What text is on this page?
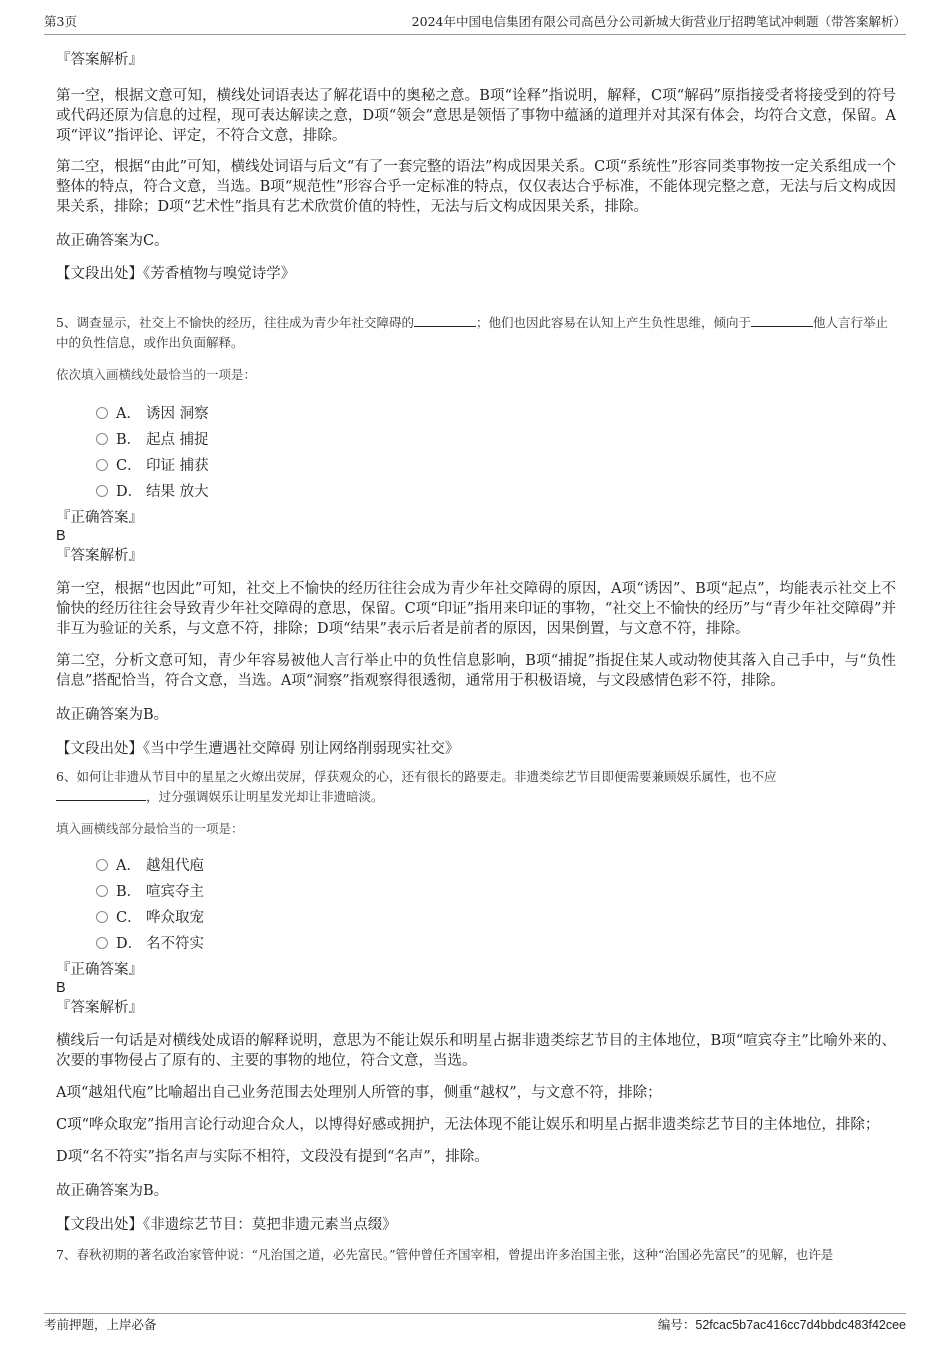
第3页	2024年中国电信集团有限公司高邑分公司新城大街营业厅招聘笔试冲刺题（带答案解析）
『答案解析』
第一空，根据文意可知，横线处词语表达了解花语中的奥秘之意。B项“诠释”指说明，解释，C项“解码”原指接受者将接受到的符号或代码还原为信息的过程，现可表达解读之意，D项“领会”意思是领悟了事物中蕴涵的道理并对其深有体会，均符合文意，保留。A项“评议”指评论、评定，不符合文意，排除。
第二空，根据“由此”可知，横线处词语与后文“有了一套完整的语法”构成因果关系。C项“系统性”形容同类事物按一定关系组成一个整体的特点，符合文意，当选。B项“规范性”形容合乎一定标准的特点，仅仅表达合乎标准，不能体现完整之意，无法与后文构成因果关系，排除；D项“艺术性”指具有艺术欣赏价值的特性，无法与后文构成因果关系，排除。
故正确答案为C。
【文段出处】《芳香植物与嗅觉诗学》
5、调查显示，社交上不愉快的经历，往往成为青少年社交障碍的	；他们也因此容易在认知上产生负性思维，倾向于	他人言行举止中的负性信息，或作出负面解释。
依次填入画横线处最恰当的一项是：
A． 诱因 洞察
B． 起点 捕捉
C． 印证 捕获
D． 结果 放大
『正确答案』
B
『答案解析』
第一空，根据“也因此”可知，社交上不愉快的经历往往会成为青少年社交障碍的原因，A项“诱因”、B项“起点”，均能表示社交上不愉快的经历往往会导致青少年社交障碍的意思，保留。C项“印证”指用来印证的事物，“社交上不愉快的经历”与“青少年社交障碍”并非互为验证的关系，与文意不符，排除；D项“结果”表示后者是前者的原因，因果倒置，与文意不符，排除。
第二空，分析文意可知，青少年容易被他人言行举止中的负性信息影响，B项“捕捉”指捉住某人或动物使其落入自己手中，与“负性信息”搭配恰当，符合文意，当选。A项“洞察”指观察得很透彻，通常用于积极语境，与文段感情色彩不符，排除。
故正确答案为B。
【文段出处】《当中学生遭遇社交障碍 别让网络削弱现实社交》
6、如何让非遗从节目中的星星之火燎出荧屏，俘获观众的心，还有很长的路要走。非遗类综艺节目即便需要兼顾娱乐属性，也不应
，过分强调娱乐让明星发光却让非遗暗淡。
填入画横线部分最恰当的一项是：
A． 越俎代庖
B． 喧宾夺主
C． 哗众取宠
D． 名不符实
『正确答案』
B
『答案解析』
横线后一句话是对横线处成语的解释说明，意思为不能让娱乐和明星占据非遗类综艺节目的主体地位，B项“喧宾夺主”比喻外来的、次要的事物侵占了原有的、主要的事物的地位，符合文意，当选。
A项“越俎代庖”比喻超出自己业务范围去处理别人所管的事，侧重“越权”，与文意不符，排除；
C项“哗众取宠”指用言论行动迎合众人，以博得好感或拥护，无法体现不能让娱乐和明星占据非遗类综艺节目的主体地位，排除；
D项“名不符实”指名声与实际不相符，文段没有提到“名声”，排除。
故正确答案为B。
【文段出处】《非遗综艺节目：莫把非遗元素当点缀》
7、春秋初期的著名政治家管仲说：“凡治国之道，必先富民。”管仲曾任齐国宰相，曾提出许多治国主张，这种“治国必先富民”的见解，也许是
考前押题，上岸必备	编号：52fcac5b7ac416cc7d4bbdc483f42cee
